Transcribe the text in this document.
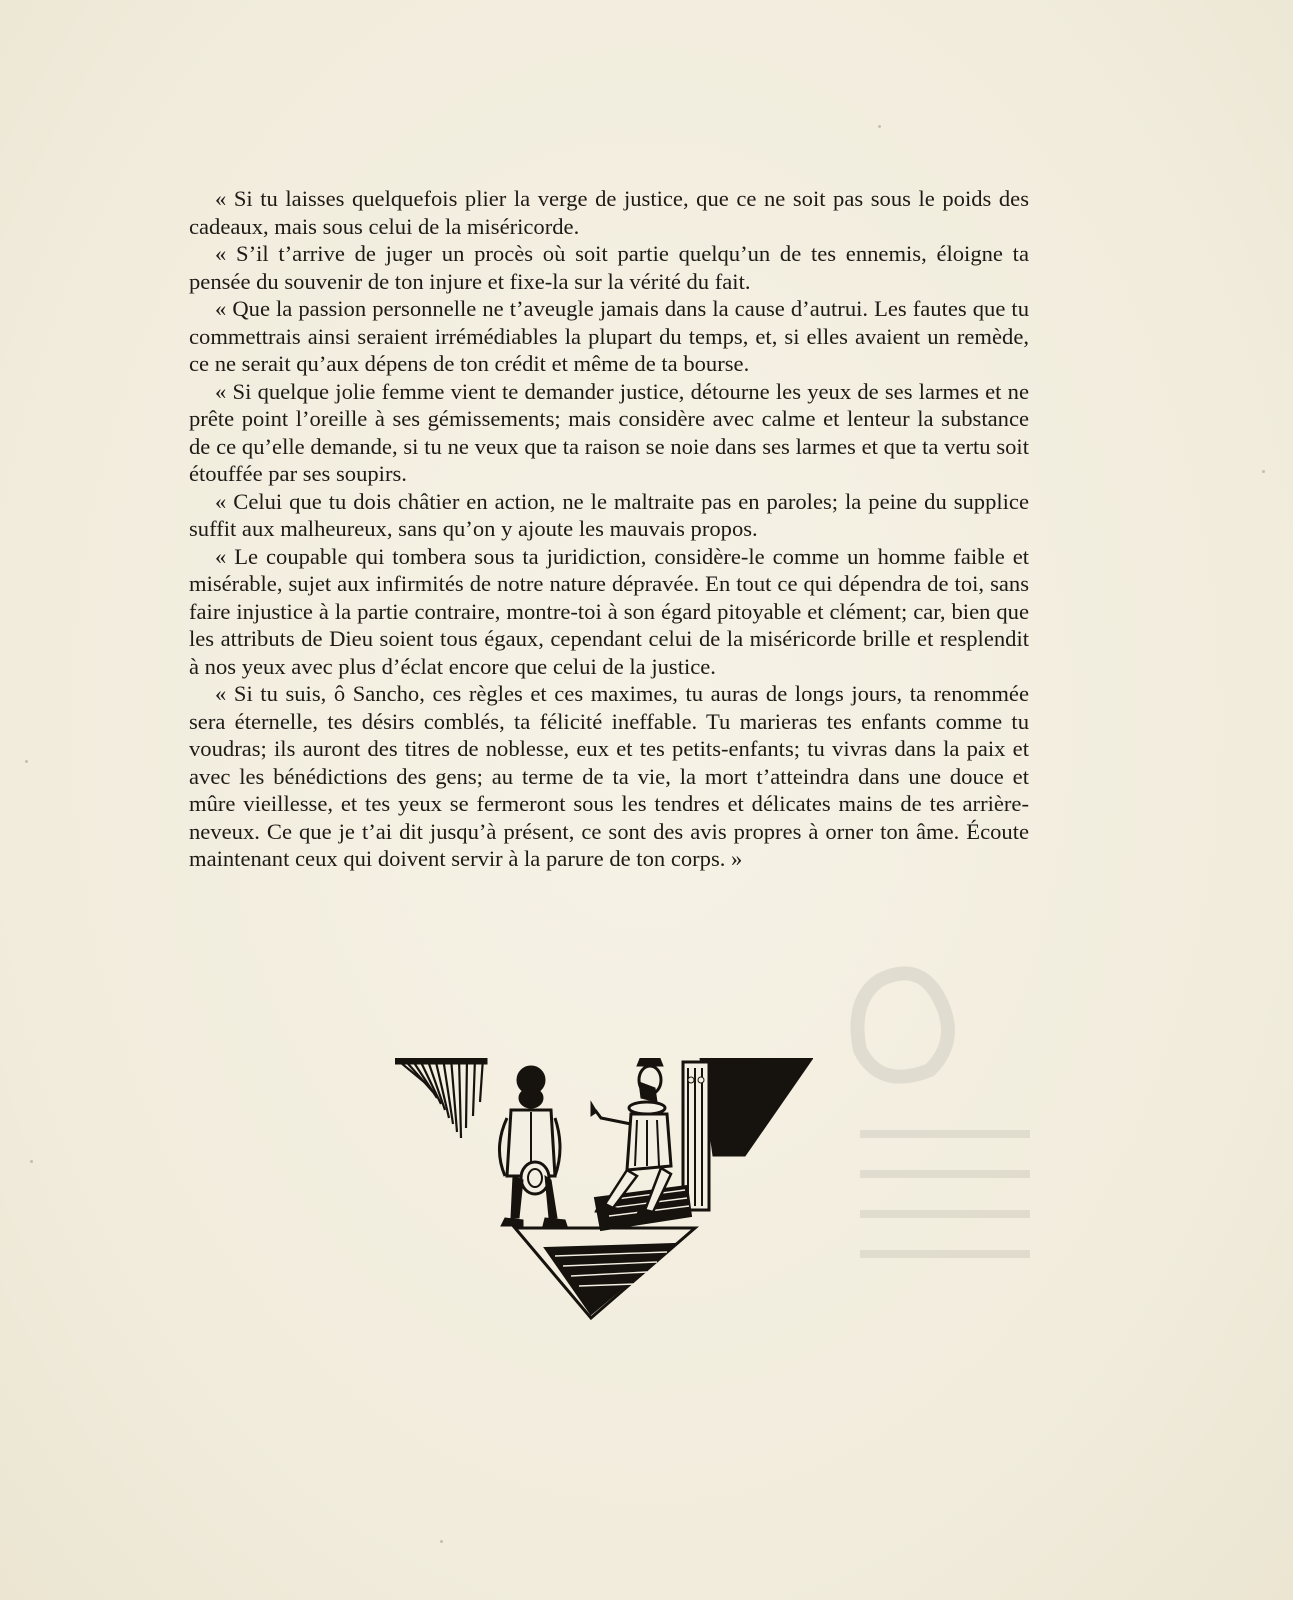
« Si tu laisses quelquefois plier la verge de justice, que ce ne soit pas sous le poids des cadeaux, mais sous celui de la miséricorde.

« S’il t’arrive de juger un procès où soit partie quelqu’un de tes ennemis, éloigne ta pensée du souvenir de ton injure et fixe-la sur la vérité du fait.

« Que la passion personnelle ne t’aveugle jamais dans la cause d’autrui. Les fautes que tu commettrais ainsi seraient irrémédiables la plupart du temps, et, si elles avaient un remède, ce ne serait qu’aux dépens de ton crédit et même de ta bourse.

« Si quelque jolie femme vient te demander justice, détourne les yeux de ses larmes et ne prête point l’oreille à ses gémissements; mais considère avec calme et lenteur la substance de ce qu’elle demande, si tu ne veux que ta raison se noie dans ses larmes et que ta vertu soit étouffée par ses soupirs.

« Celui que tu dois châtier en action, ne le maltraite pas en paroles; la peine du supplice suffit aux malheureux, sans qu’on y ajoute les mauvais propos.

« Le coupable qui tombera sous ta juridiction, considère-le comme un homme faible et misérable, sujet aux infirmités de notre nature dépravée. En tout ce qui dépendra de toi, sans faire injustice à la partie contraire, montre-toi à son égard pitoyable et clément; car, bien que les attributs de Dieu soient tous égaux, cependant celui de la miséricorde brille et resplendit à nos yeux avec plus d’éclat encore que celui de la justice.

« Si tu suis, ô Sancho, ces règles et ces maximes, tu auras de longs jours, ta renommée sera éternelle, tes désirs comblés, ta félicité ineffable. Tu marieras tes enfants comme tu voudras; ils auront des titres de noblesse, eux et tes petits-enfants; tu vivras dans la paix et avec les bénédictions des gens; au terme de ta vie, la mort t’atteindra dans une douce et mûre vieillesse, et tes yeux se fermeront sous les tendres et délicates mains de tes arrière-neveux. Ce que je t’ai dit jusqu’à présent, ce sont des avis propres à orner ton âme. Écoute maintenant ceux qui doivent servir à la parure de ton corps. »
